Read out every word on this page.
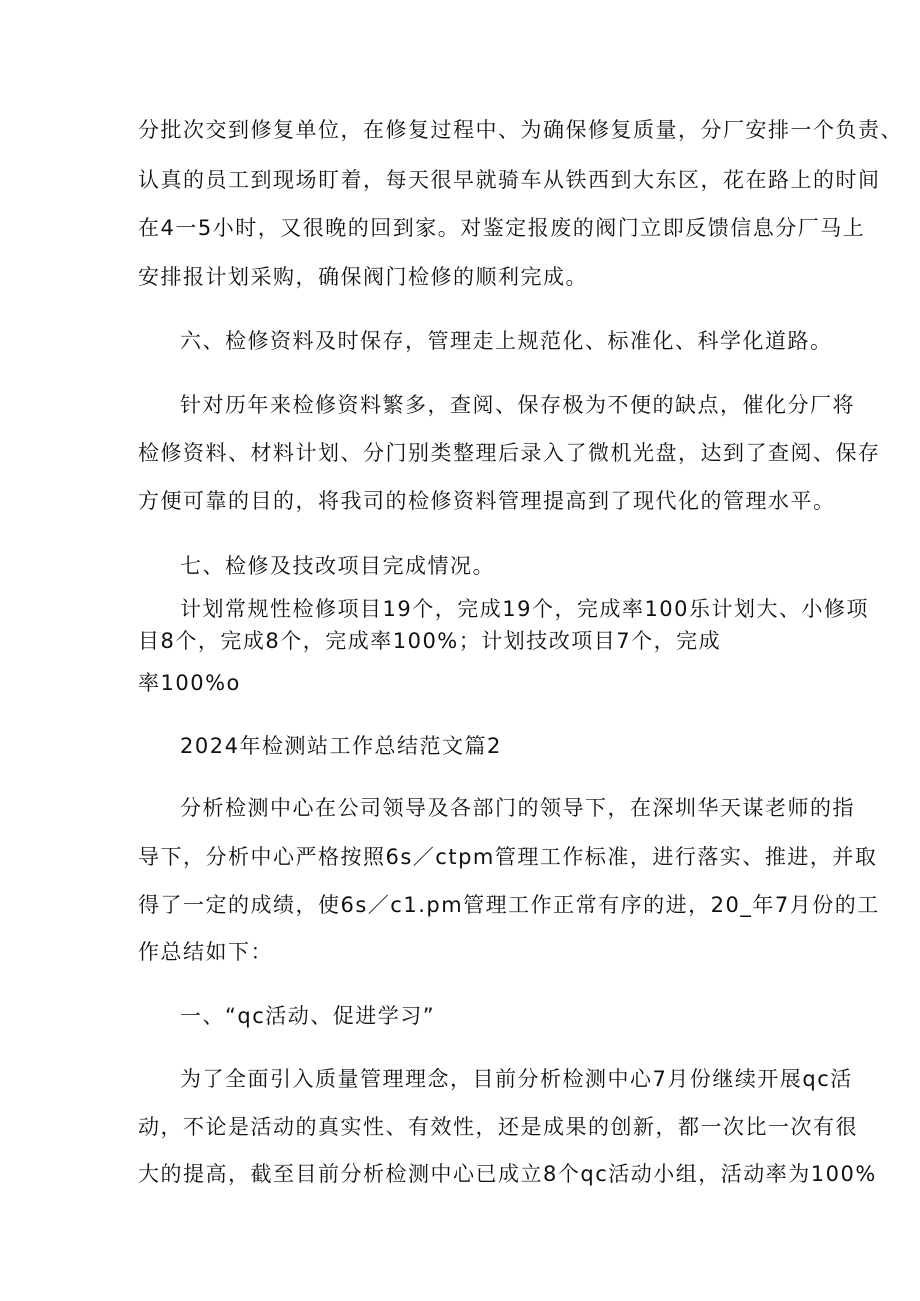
分批次交到修复单位，在修复过程中、为确保修复质量，分厂安排一个负责、
认真的员工到现场盯着，每天很早就骑车从铁西到大东区，花在路上的时间
在4一5小时，又很晚的回到家。对鉴定报废的阀门立即反馈信息分厂马上
安排报计划采购，确保阀门检修的顺利完成。
六、检修资料及时保存，管理走上规范化、标准化、科学化道路。
针对历年来检修资料繁多，查阅、保存极为不便的缺点，催化分厂将
检修资料、材料计划、分门别类整理后录入了微机光盘，达到了查阅、保存
方便可靠的目的，将我司的检修资料管理提高到了现代化的管理水平。
七、检修及技改项目完成情况。
计划常规性检修项目19个，完成19个，完成率100乐计划大、小修项
目8个，完成8个，完成率100%；计划技改项目7个，完成
率100%o
2024年检测站工作总结范文篇2
分析检测中心在公司领导及各部门的领导下，在深圳华天谋老师的指
导下，分析中心严格按照6s／ctpm管理工作标准，进行落实、推进，并取
得了一定的成绩，使6s／c1.pm管理工作正常有序的进，20_年7月份的工
作总结如下：
一、“qc活动、促进学习”
为了全面引入质量管理理念，目前分析检测中心7月份继续开展qc活
动，不论是活动的真实性、有效性，还是成果的创新，都一次比一次有很
大的提高，截至目前分析检测中心已成立8个qc活动小组，活动率为100%
